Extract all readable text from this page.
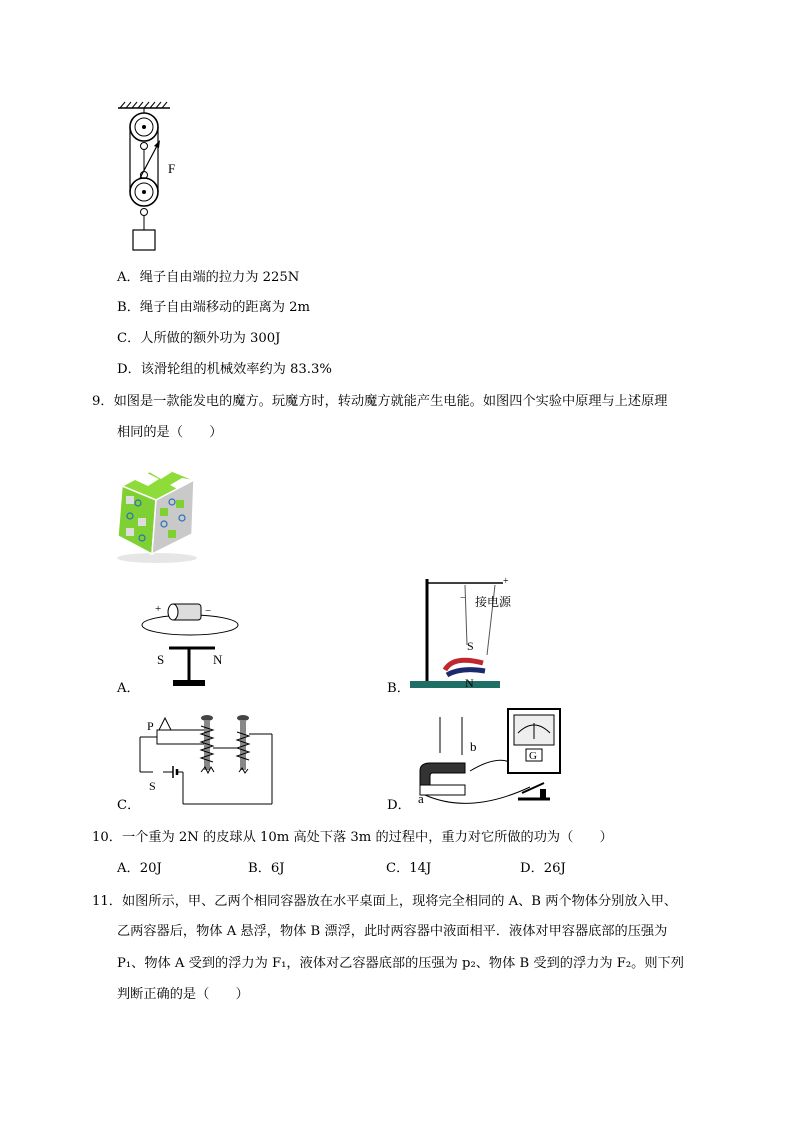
F
A．绳子自由端的拉力为 225N
B．绳子自由端移动的距离为 2m
C．人所做的额外功为 300J
D．该滑轮组的机械效率约为 83.3%
9．如图是一款能发电的魔方。玩魔方时，转动魔方就能产生电能。如图四个实验中原理与上述原理
相同的是（　　）
+	−
S	N
A．
接电源
+
−
S
N
B．
P
S
C．
b
a
G
D．
10．一个重为 2N 的皮球从 10m 高处下落 3m 的过程中，重力对它所做的功为（　　）
A．20J	B．6J	C．14J	D．26J
11．如图所示，甲、乙两个相同容器放在水平桌面上，现将完全相同的 A、B 两个物体分别放入甲、
乙两容器后，物体 A 悬浮，物体 B 漂浮，此时两容器中液面相平．液体对甲容器底部的压强为
P₁、物体 A 受到的浮力为 F₁，液体对乙容器底部的压强为 p₂、物体 B 受到的浮力为 F₂。则下列
判断正确的是（　　）
